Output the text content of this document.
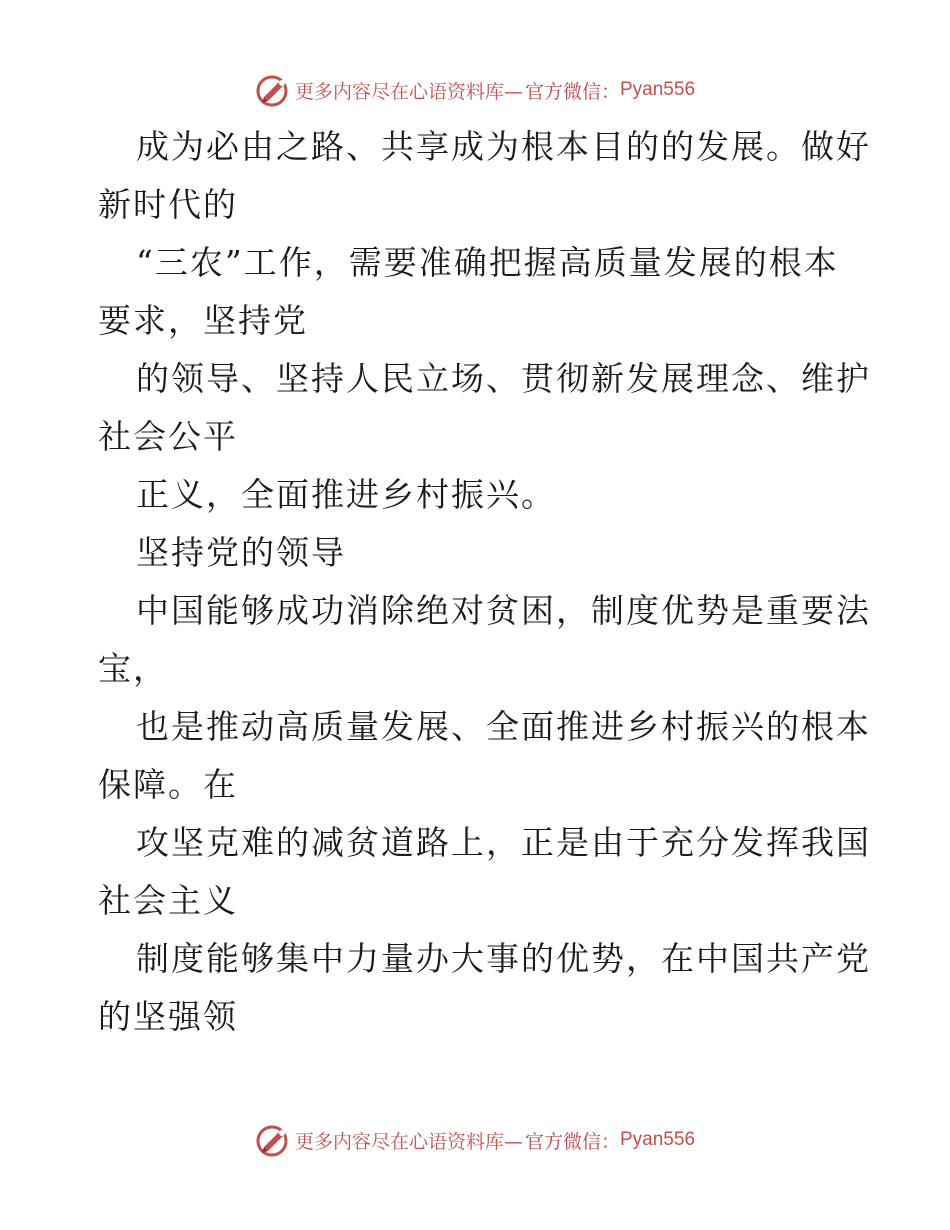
更多内容尽在心语资料库— 官方微信： Pyan556
成为必由之路、共享成为根本目的的发展。做好
新时代的
“三农”工作，需要准确把握高质量发展的根本
要求，坚持党
的领导、坚持人民立场、贯彻新发展理念、维护
社会公平
正义，全面推进乡村振兴。
坚持党的领导
中国能够成功消除绝对贫困，制度优势是重要法
宝，
也是推动高质量发展、全面推进乡村振兴的根本
保障。在
攻坚克难的减贫道路上，正是由于充分发挥我国
社会主义
制度能够集中力量办大事的优势，在中国共产党
的坚强领
更多内容尽在心语资料库— 官方微信： Pyan556
